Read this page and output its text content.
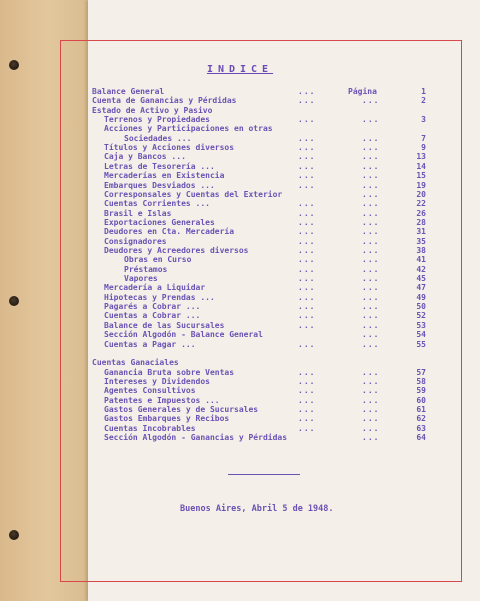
INDICE
Balance General	...	Página	1
Cuenta de Ganancias y Pérdidas	...	...	2
Estado de Activo y Pasivo
Terrenos y Propiedades	...	...	3
Acciones y Participaciones en otras
Sociedades ...	...	...	7
Títulos y Acciones diversos	...	...	9
Caja y Bancos ...	...	...	13
Letras de Tesorería ...	...	...	14
Mercaderías en Existencia	...	...	15
Embarques Desviados ...	...	...	19
Corresponsales y Cuentas del Exterior	...	20
Cuentas Corrientes ...	...	...	22
Brasil e Islas	...	...	26
Exportaciones Generales	...	...	28
Deudores en Cta. Mercadería	...	...	31
Consignadores	...	...	35
Deudores y Acreedores diversos	...	...	38
Obras en Curso	...	...	41
Préstamos	...	...	42
Vapores	...	...	45
Mercadería a Liquidar	...	...	47
Hipotecas y Prendas ...	...	...	49
Pagarés a Cobrar ...	...	...	50
Cuentas a Cobrar ...	...	...	52
Balance de las Sucursales	...	...	53
Sección Algodón - Balance General	...	54
Cuentas a Pagar ...	...	...	55
Cuentas Ganaciales
Ganancia Bruta sobre Ventas	...	...	57
Intereses y Dividendos	...	...	58
Agentes Consultivos	...	...	59
Patentes e Impuestos ...	...	...	60
Gastos Generales y de Sucursales	...	...	61
Gastos Embarques y Recibos	...	...	62
Cuentas Incobrables	...	...	63
Sección Algodón - Ganancias y Pérdidas	...	64
Buenos Aires, Abril 5 de 1948.
